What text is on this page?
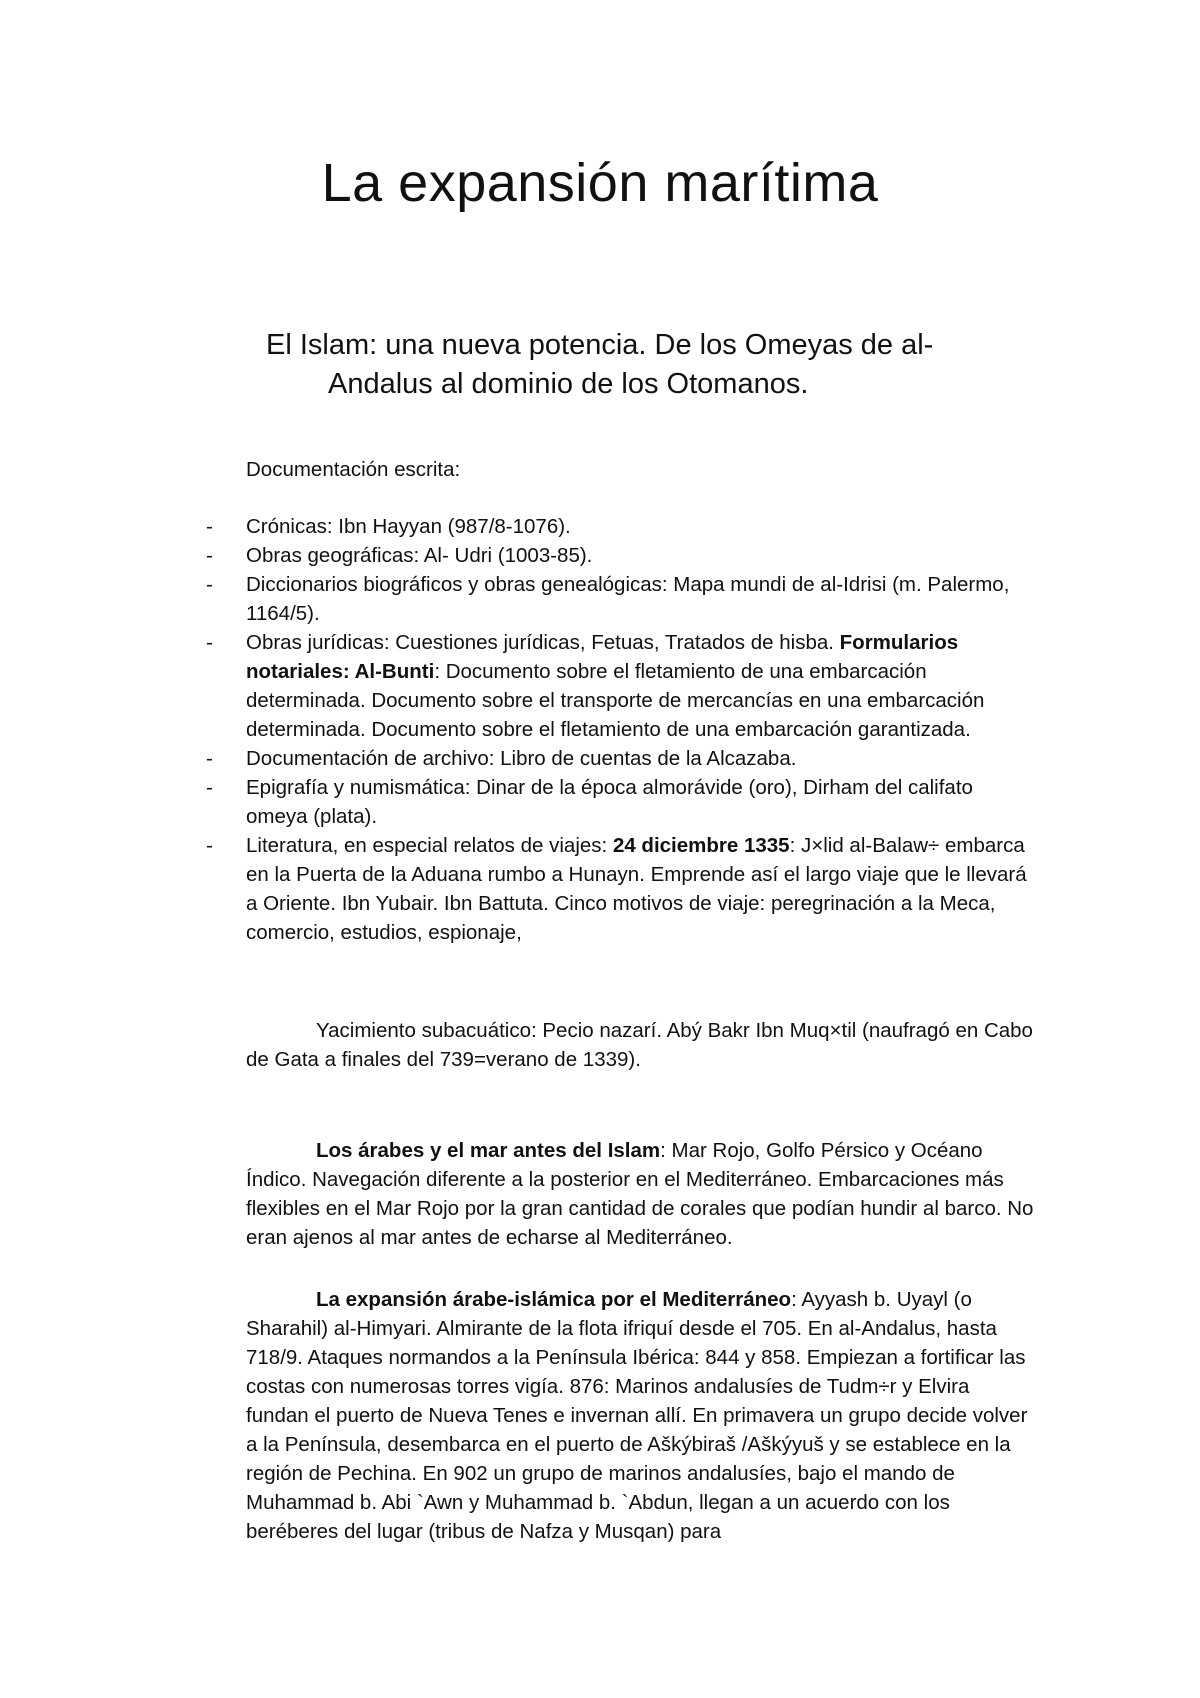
La expansión marítima
El Islam: una nueva potencia. De los Omeyas de al-
Andalus al dominio de los Otomanos.

Documentación escrita:

- Crónicas: Ibn Hayyan (987/8-1076).
- Obras geográficas: Al- Udri (1003-85).
- Diccionarios biográficos y obras genealógicas: Mapa mundi de al-Idrisi (m. Palermo, 1164/5).
- Obras jurídicas: Cuestiones jurídicas, Fetuas, Tratados de hisba. Formularios notariales: Al-Bunti: Documento sobre el fletamiento de una embarcación determinada. Documento sobre el transporte de mercancías en una embarcación determinada. Documento sobre el fletamiento de una embarcación garantizada.
- Documentación de archivo: Libro de cuentas de la Alcazaba.
- Epigrafía y numismática: Dinar de la época almorávide (oro), Dirham del califato omeya (plata).
- Literatura, en especial relatos de viajes: 24 diciembre 1335: J×lid al-Balaw÷ embarca en la Puerta de la Aduana rumbo a Hunayn. Emprende así el largo viaje que le llevará a Oriente. Ibn Yubair. Ibn Battuta. Cinco motivos de viaje: peregrinación a la Meca, comercio, estudios, espionaje,

Yacimiento subacuático: Pecio nazarí. Abý Bakr Ibn Muq×til (naufragó en Cabo de Gata a finales del 739=verano de 1339).

Los árabes y el mar antes del Islam: Mar Rojo, Golfo Pérsico y Océano Índico. Navegación diferente a la posterior en el Mediterráneo. Embarcaciones más flexibles en el Mar Rojo por la gran cantidad de corales que podían hundir al barco. No eran ajenos al mar antes de echarse al Mediterráneo.

La expansión árabe-islámica por el Mediterráneo: Ayyash b. Uyayl (o Sharahil) al-Himyari. Almirante de la flota ifriquí desde el 705. En al-Andalus, hasta 718/9. Ataques normandos a la Península Ibérica: 844 y 858. Empiezan a fortificar las costas con numerosas torres vigía. 876: Marinos andalusíes de Tudm÷r y Elvira fundan el puerto de Nueva Tenes e invernan allí. En primavera un grupo decide volver a la Península, desembarca en el puerto de Aškýbiraš /Aškýyuš y se establece en la región de Pechina. En 902 un grupo de marinos andalusíes, bajo el mando de Muhammad b. Abi `Awn y Muhammad b. `Abdun, llegan a un acuerdo con los beréberes del lugar (tribus de Nafza y Musqan) para
